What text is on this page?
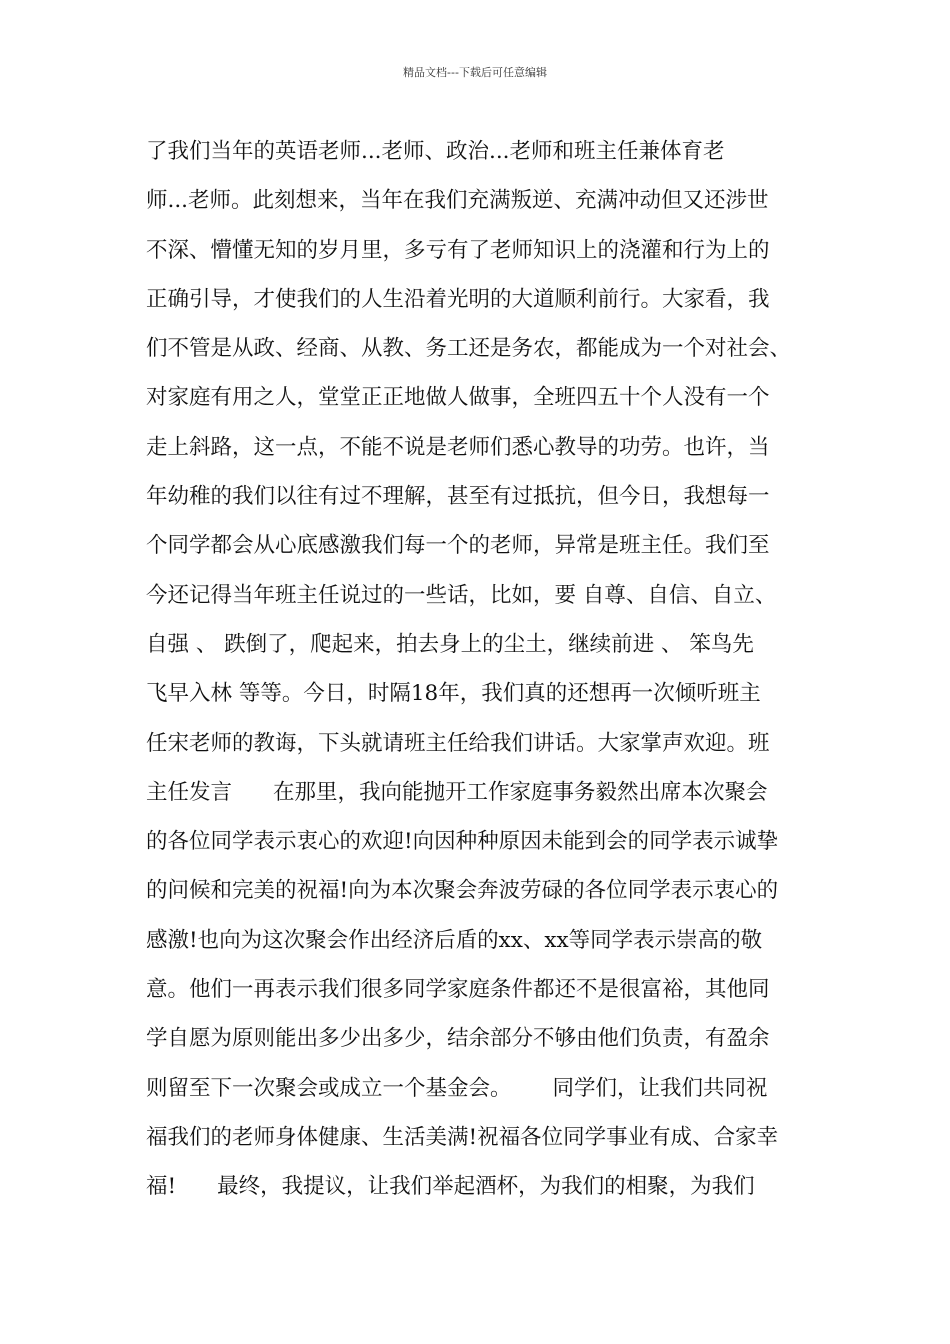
精品文档---下载后可任意编辑
了我们当年的英语老师...老师、政治...老师和班主任兼体育老
师...老师。此刻想来，当年在我们充满叛逆、充满冲动但又还涉世
不深、懵懂无知的岁月里，多亏有了老师知识上的浇灌和行为上的
正确引导，才使我们的人生沿着光明的大道顺利前行。大家看，我
们不管是从政、经商、从教、务工还是务农，都能成为一个对社会、
对家庭有用之人，堂堂正正地做人做事，全班四五十个人没有一个
走上斜路，这一点，不能不说是老师们悉心教导的功劳。也许，当
年幼稚的我们以往有过不理解，甚至有过抵抗，但今日，我想每一
个同学都会从心底感激我们每一个的老师，异常是班主任。我们至
今还记得当年班主任说过的一些话，比如，要 自尊、自信、自立、
自强 、 跌倒了，爬起来，拍去身上的尘土，继续前进 、 笨鸟先
飞早入林 等等。今日，时隔18年，我们真的还想再一次倾听班主
任宋老师的教诲，下头就请班主任给我们讲话。大家掌声欢迎。班
主任发言      在那里，我向能抛开工作家庭事务毅然出席本次聚会
的各位同学表示衷心的欢迎!向因种种原因未能到会的同学表示诚挚
的问候和完美的祝福!向为本次聚会奔波劳碌的各位同学表示衷心的
感激!也向为这次聚会作出经济后盾的xx、xx等同学表示崇高的敬
意。他们一再表示我们很多同学家庭条件都还不是很富裕，其他同
学自愿为原则能出多少出多少，结余部分不够由他们负责，有盈余
则留至下一次聚会或成立一个基金会。      同学们，让我们共同祝
福我们的老师身体健康、生活美满!祝福各位同学事业有成、合家幸
福!      最终，我提议，让我们举起酒杯，为我们的相聚，为我们
